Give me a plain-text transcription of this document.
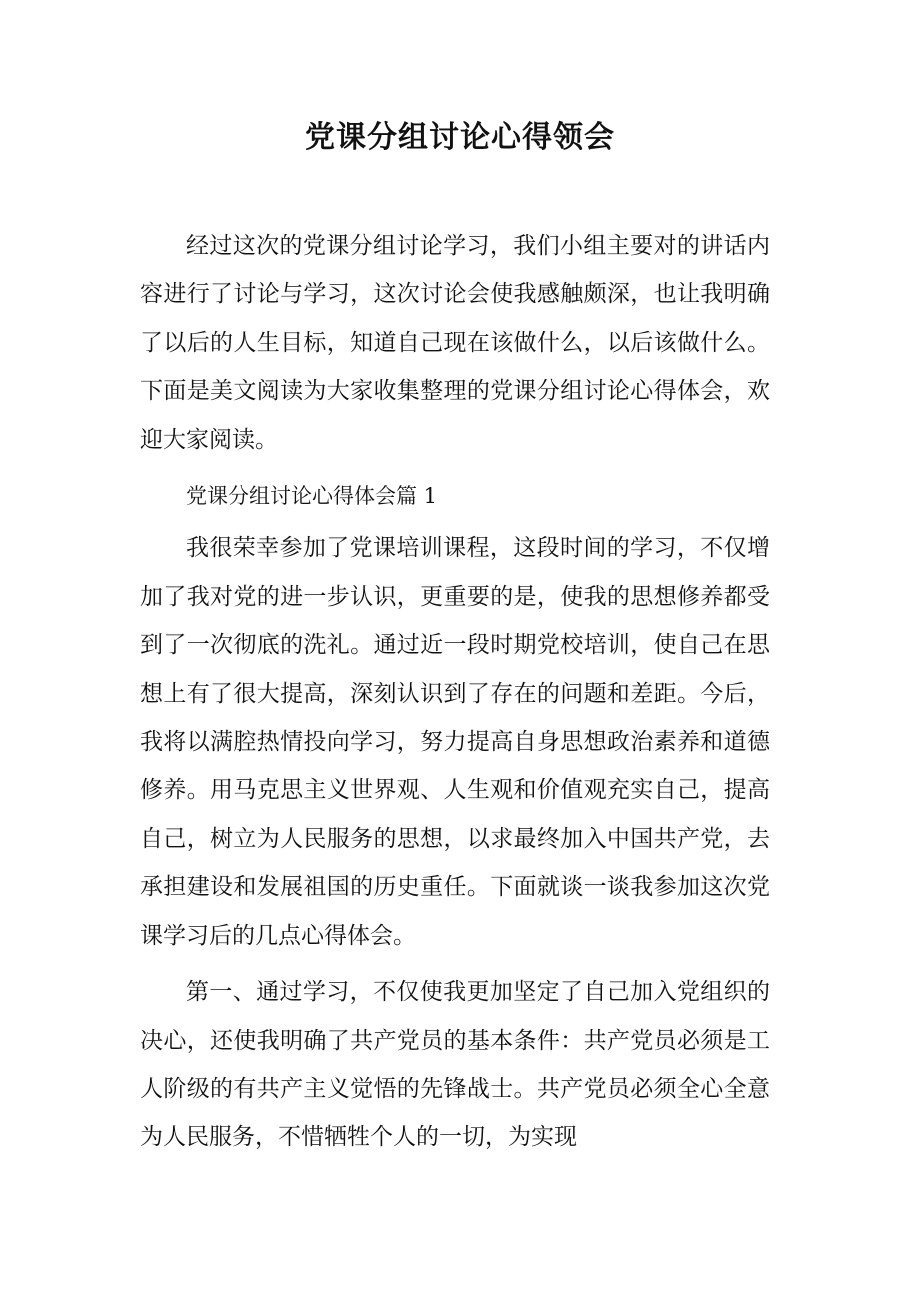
党课分组讨论心得领会

经过这次的党课分组讨论学习，我们小组主要对的讲话内容进行了讨论与学习，这次讨论会使我感触颇深，也让我明确了以后的人生目标，知道自己现在该做什么，以后该做什么。下面是美文阅读为大家收集整理的党课分组讨论心得体会，欢迎大家阅读。

党课分组讨论心得体会篇 1

我很荣幸参加了党课培训课程，这段时间的学习，不仅增加了我对党的进一步认识，更重要的是，使我的思想修养都受到了一次彻底的洗礼。通过近一段时期党校培训，使自己在思想上有了很大提高，深刻认识到了存在的问题和差距。今后，我将以满腔热情投向学习，努力提高自身思想政治素养和道德修养。用马克思主义世界观、人生观和价值观充实自己，提高自己，树立为人民服务的思想，以求最终加入中国共产党，去承担建设和发展祖国的历史重任。下面就谈一谈我参加这次党课学习后的几点心得体会。

第一、通过学习，不仅使我更加坚定了自己加入党组织的决心，还使我明确了共产党员的基本条件：共产党员必须是工人阶级的有共产主义觉悟的先锋战士。共产党员必须全心全意为人民服务，不惜牺牲个人的一切，为实现
